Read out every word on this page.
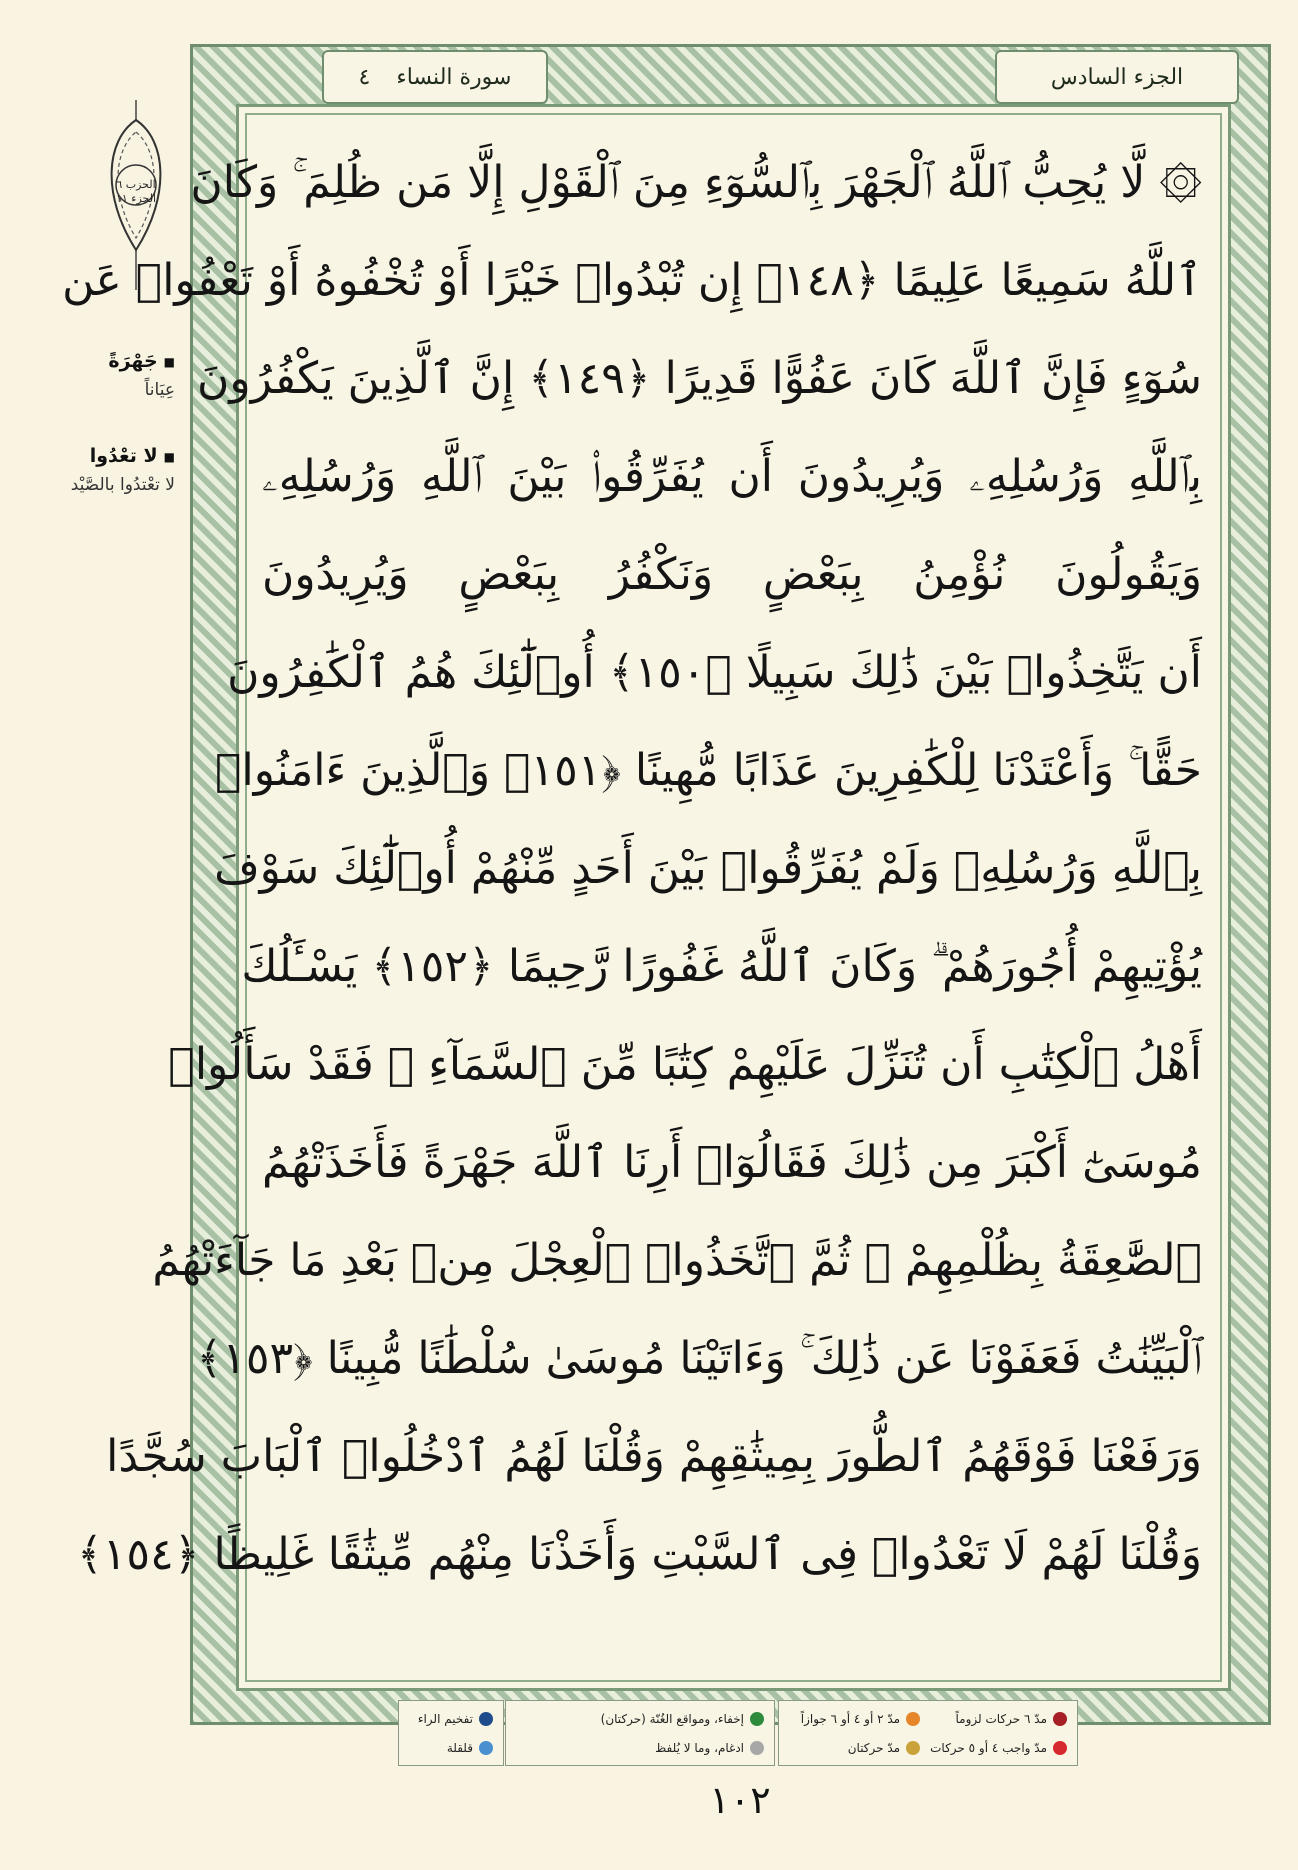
الجزء السادس
سورة النساء
٤
الحزب ٦
الجزء ١١
■ جَهْرَةً
عِيَاناً
■ لا تعْدُوا
لا تعْتدُوا بالصَّيْد
۞ لَّا يُحِبُّ ٱللَّهُ ٱلْجَهْرَ بِٱلسُّوٓءِ مِنَ ٱلْقَوْلِ إِلَّا مَن ظُلِمَ ۚ وَكَانَ
ٱللَّهُ سَمِيعًا عَلِيمًا ﴿١٤٨﴾ إِن تُبْدُوا۟ خَيْرًا أَوْ تُخْفُوهُ أَوْ تَعْفُوا۟ عَن
سُوٓءٍ فَإِنَّ ٱللَّهَ كَانَ عَفُوًّا قَدِيرًا ﴿١٤٩﴾ إِنَّ ٱلَّذِينَ يَكْفُرُونَ
بِٱللَّهِ وَرُسُلِهِۦ وَيُرِيدُونَ أَن يُفَرِّقُوا۟ بَيْنَ ٱللَّهِ وَرُسُلِهِۦ
وَيَقُولُونَ نُؤْمِنُ بِبَعْضٍ وَنَكْفُرُ بِبَعْضٍ وَيُرِيدُونَ
أَن يَتَّخِذُوا۟ بَيْنَ ذَٰلِكَ سَبِيلًا ﴿١٥٠﴾ أُو۟لَٰٓئِكَ هُمُ ٱلْكَٰفِرُونَ
حَقًّا ۚ وَأَعْتَدْنَا لِلْكَٰفِرِينَ عَذَابًا مُّهِينًا ﴿١٥١﴾ وَٱلَّذِينَ ءَامَنُوا۟
بِٱللَّهِ وَرُسُلِهِۦ وَلَمْ يُفَرِّقُوا۟ بَيْنَ أَحَدٍ مِّنْهُمْ أُو۟لَٰٓئِكَ سَوْفَ
يُؤْتِيهِمْ أُجُورَهُمْ ۗ وَكَانَ ٱللَّهُ غَفُورًا رَّحِيمًا ﴿١٥٢﴾ يَسْـَٔلُكَ
أَهْلُ ٱلْكِتَٰبِ أَن تُنَزِّلَ عَلَيْهِمْ كِتَٰبًا مِّنَ ٱلسَّمَآءِ ۚ فَقَدْ سَأَلُوا۟
مُوسَىٰٓ أَكْبَرَ مِن ذَٰلِكَ فَقَالُوٓا۟ أَرِنَا ٱللَّهَ جَهْرَةً فَأَخَذَتْهُمُ
ٱلصَّٰعِقَةُ بِظُلْمِهِمْ ۚ ثُمَّ ٱتَّخَذُوا۟ ٱلْعِجْلَ مِنۢ بَعْدِ مَا جَآءَتْهُمُ
ٱلْبَيِّنَٰتُ فَعَفَوْنَا عَن ذَٰلِكَ ۚ وَءَاتَيْنَا مُوسَىٰ سُلْطَٰنًا مُّبِينًا ﴿١٥٣﴾
وَرَفَعْنَا فَوْقَهُمُ ٱلطُّورَ بِمِيثَٰقِهِمْ وَقُلْنَا لَهُمُ ٱدْخُلُوا۟ ٱلْبَابَ سُجَّدًا
وَقُلْنَا لَهُمْ لَا تَعْدُوا۟ فِى ٱلسَّبْتِ وَأَخَذْنَا مِنْهُم مِّيثَٰقًا غَلِيظًا ﴿١٥٤﴾
مدّ ٦ حركات لزوماً
مدّ ٢ أو ٤ أو ٦ جوازاً
مدّ واجب ٤ أو ٥ حركات
مدّ حركتان
إخفاء، ومواقع الغُنّة (حركتان)
ادغام، وما لا يُلفظ
تفخيم الراء
قلقلة
١٠٢
